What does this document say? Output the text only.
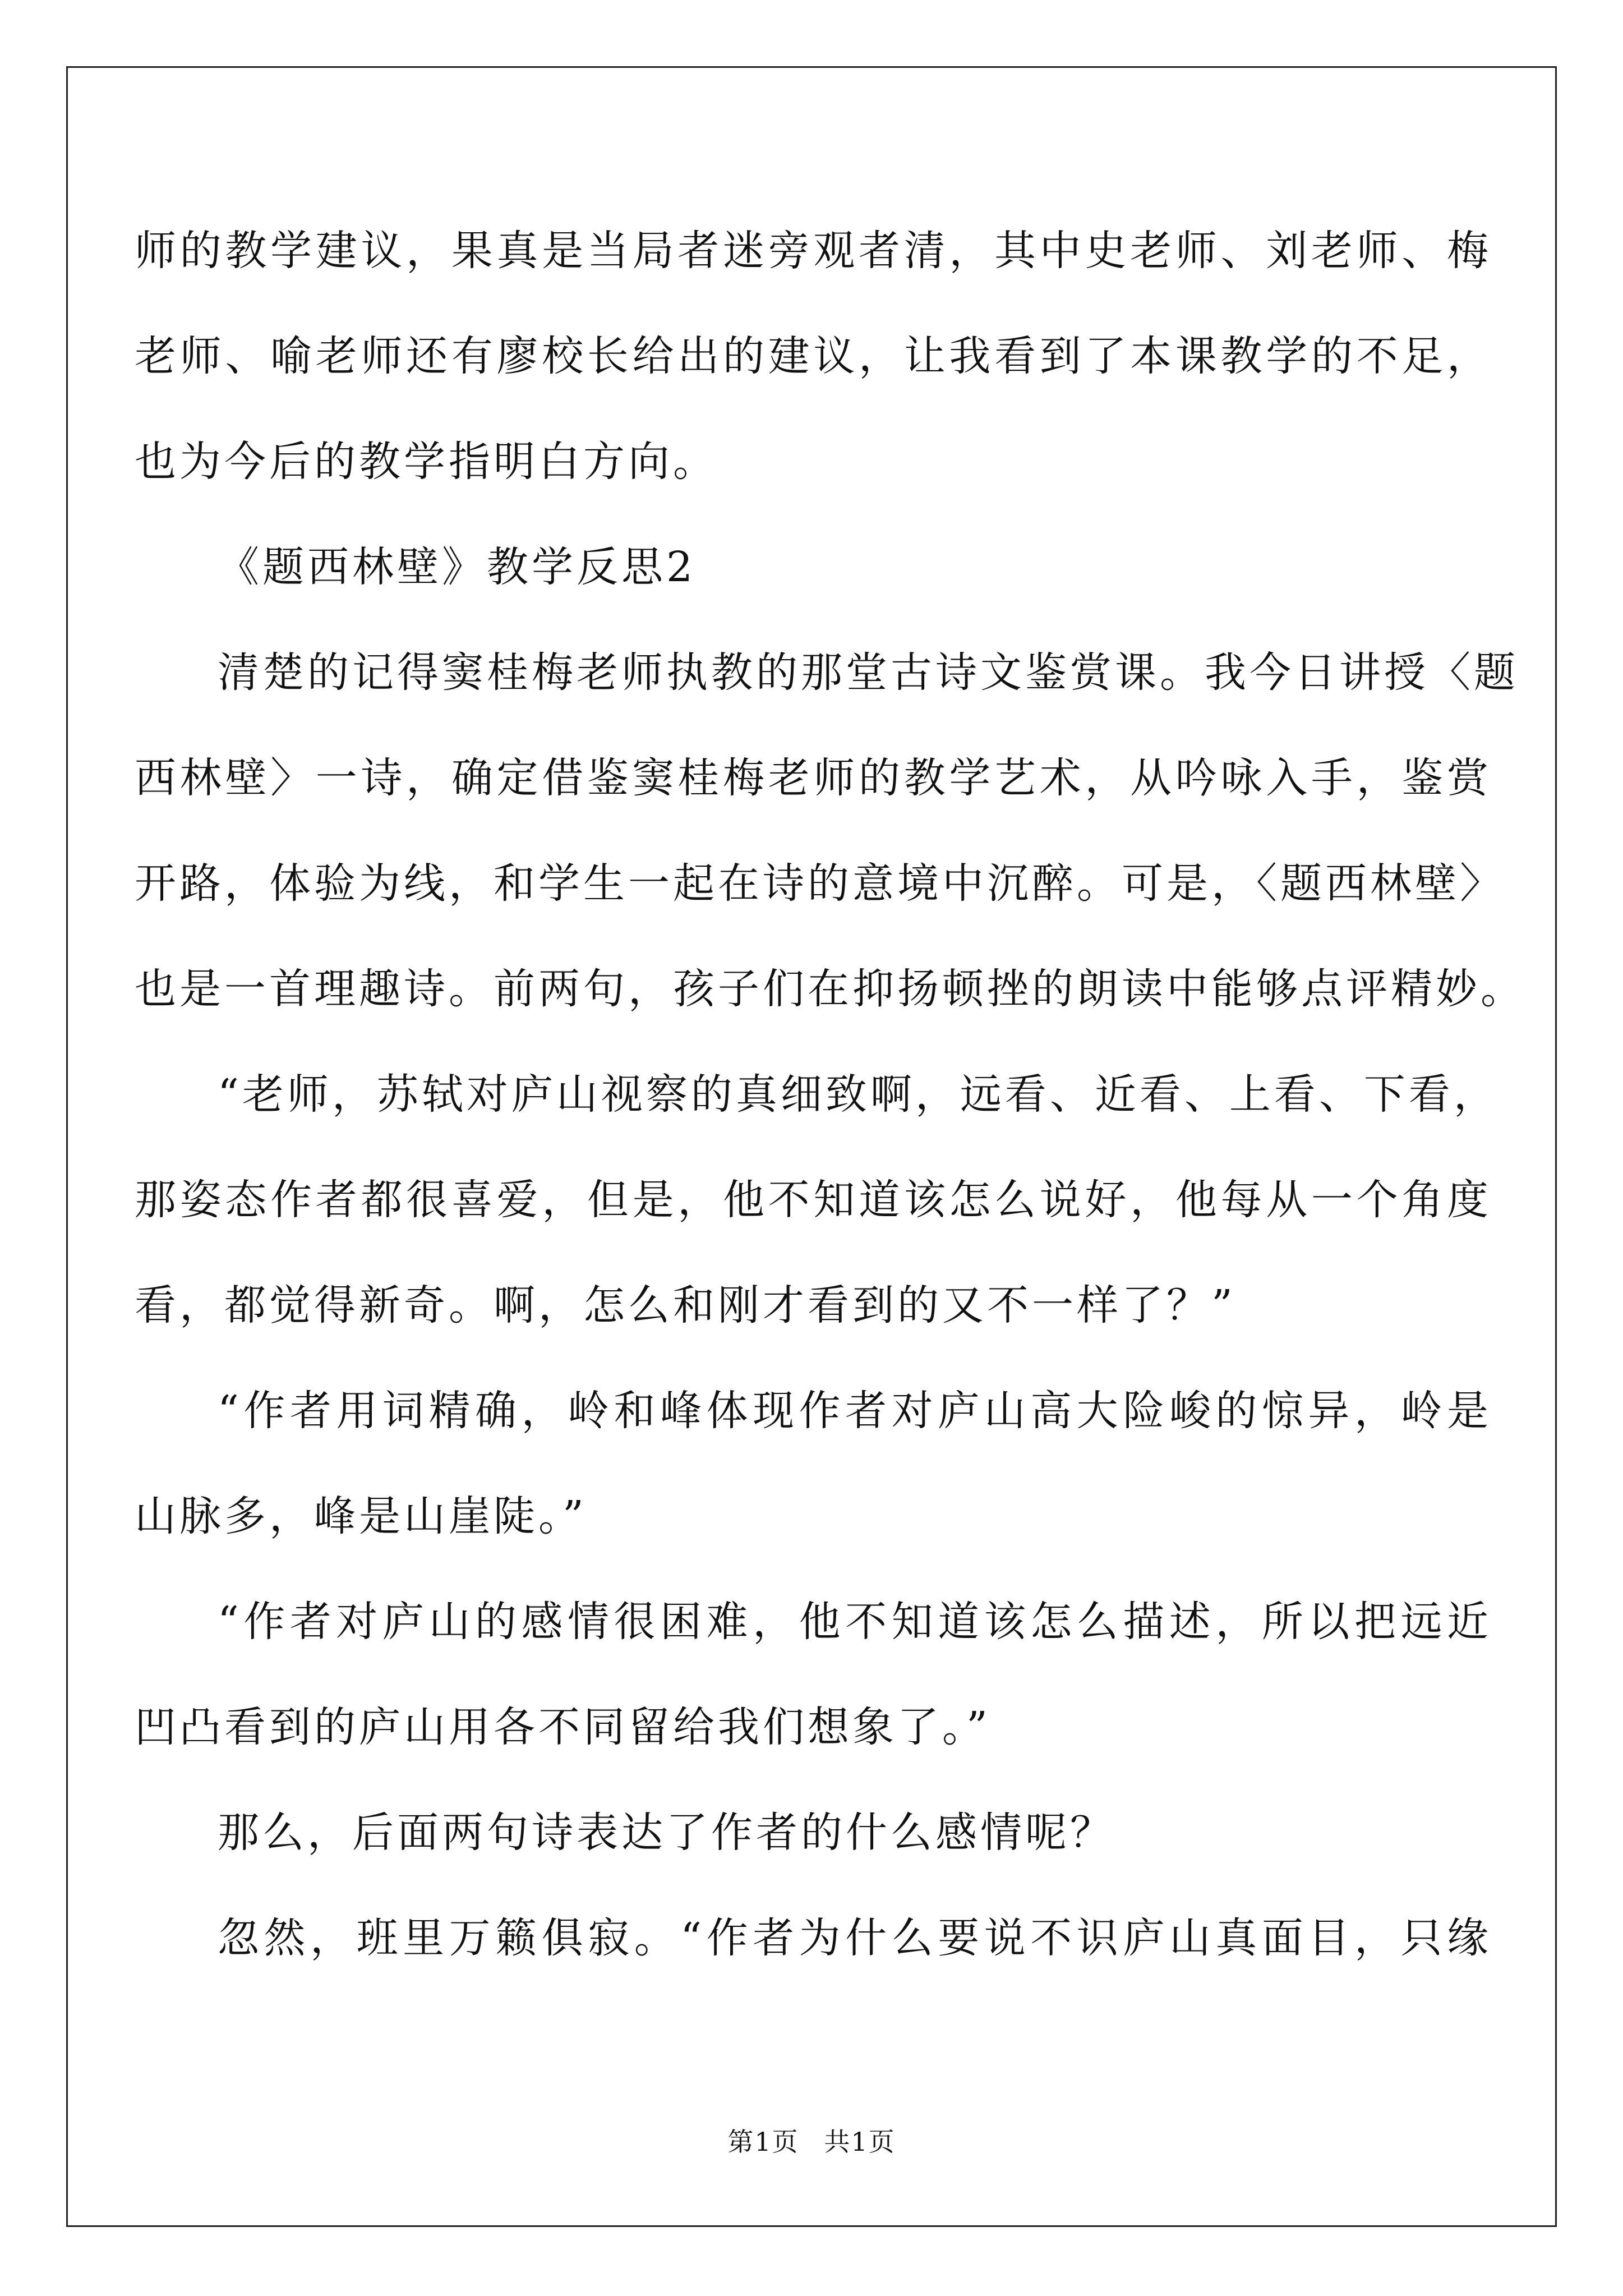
师的教学建议，果真是当局者迷旁观者清，其中史老师、刘老师、梅
老师、喻老师还有廖校长给出的建议，让我看到了本课教学的不足，
也为今后的教学指明白方向。
《题西林壁》教学反思2
清楚的记得窦桂梅老师执教的那堂古诗文鉴赏课。我今日讲授〈题
西林壁〉一诗，确定借鉴窦桂梅老师的教学艺术，从吟咏入手，鉴赏
开路，体验为线，和学生一起在诗的意境中沉醉。可是，〈题西林壁〉
也是一首理趣诗。前两句，孩子们在抑扬顿挫的朗读中能够点评精妙。
“老师，苏轼对庐山视察的真细致啊，远看、近看、上看、下看，
那姿态作者都很喜爱，但是，他不知道该怎么说好，他每从一个角度
看，都觉得新奇。啊，怎么和刚才看到的又不一样了？”
“作者用词精确，岭和峰体现作者对庐山高大险峻的惊异，岭是
山脉多，峰是山崖陡。”
“作者对庐山的感情很困难，他不知道该怎么描述，所以把远近
凹凸看到的庐山用各不同留给我们想象了。”
那么，后面两句诗表达了作者的什么感情呢？
忽然，班里万籁俱寂。“作者为什么要说不识庐山真面目，只缘
第1页 共1页
